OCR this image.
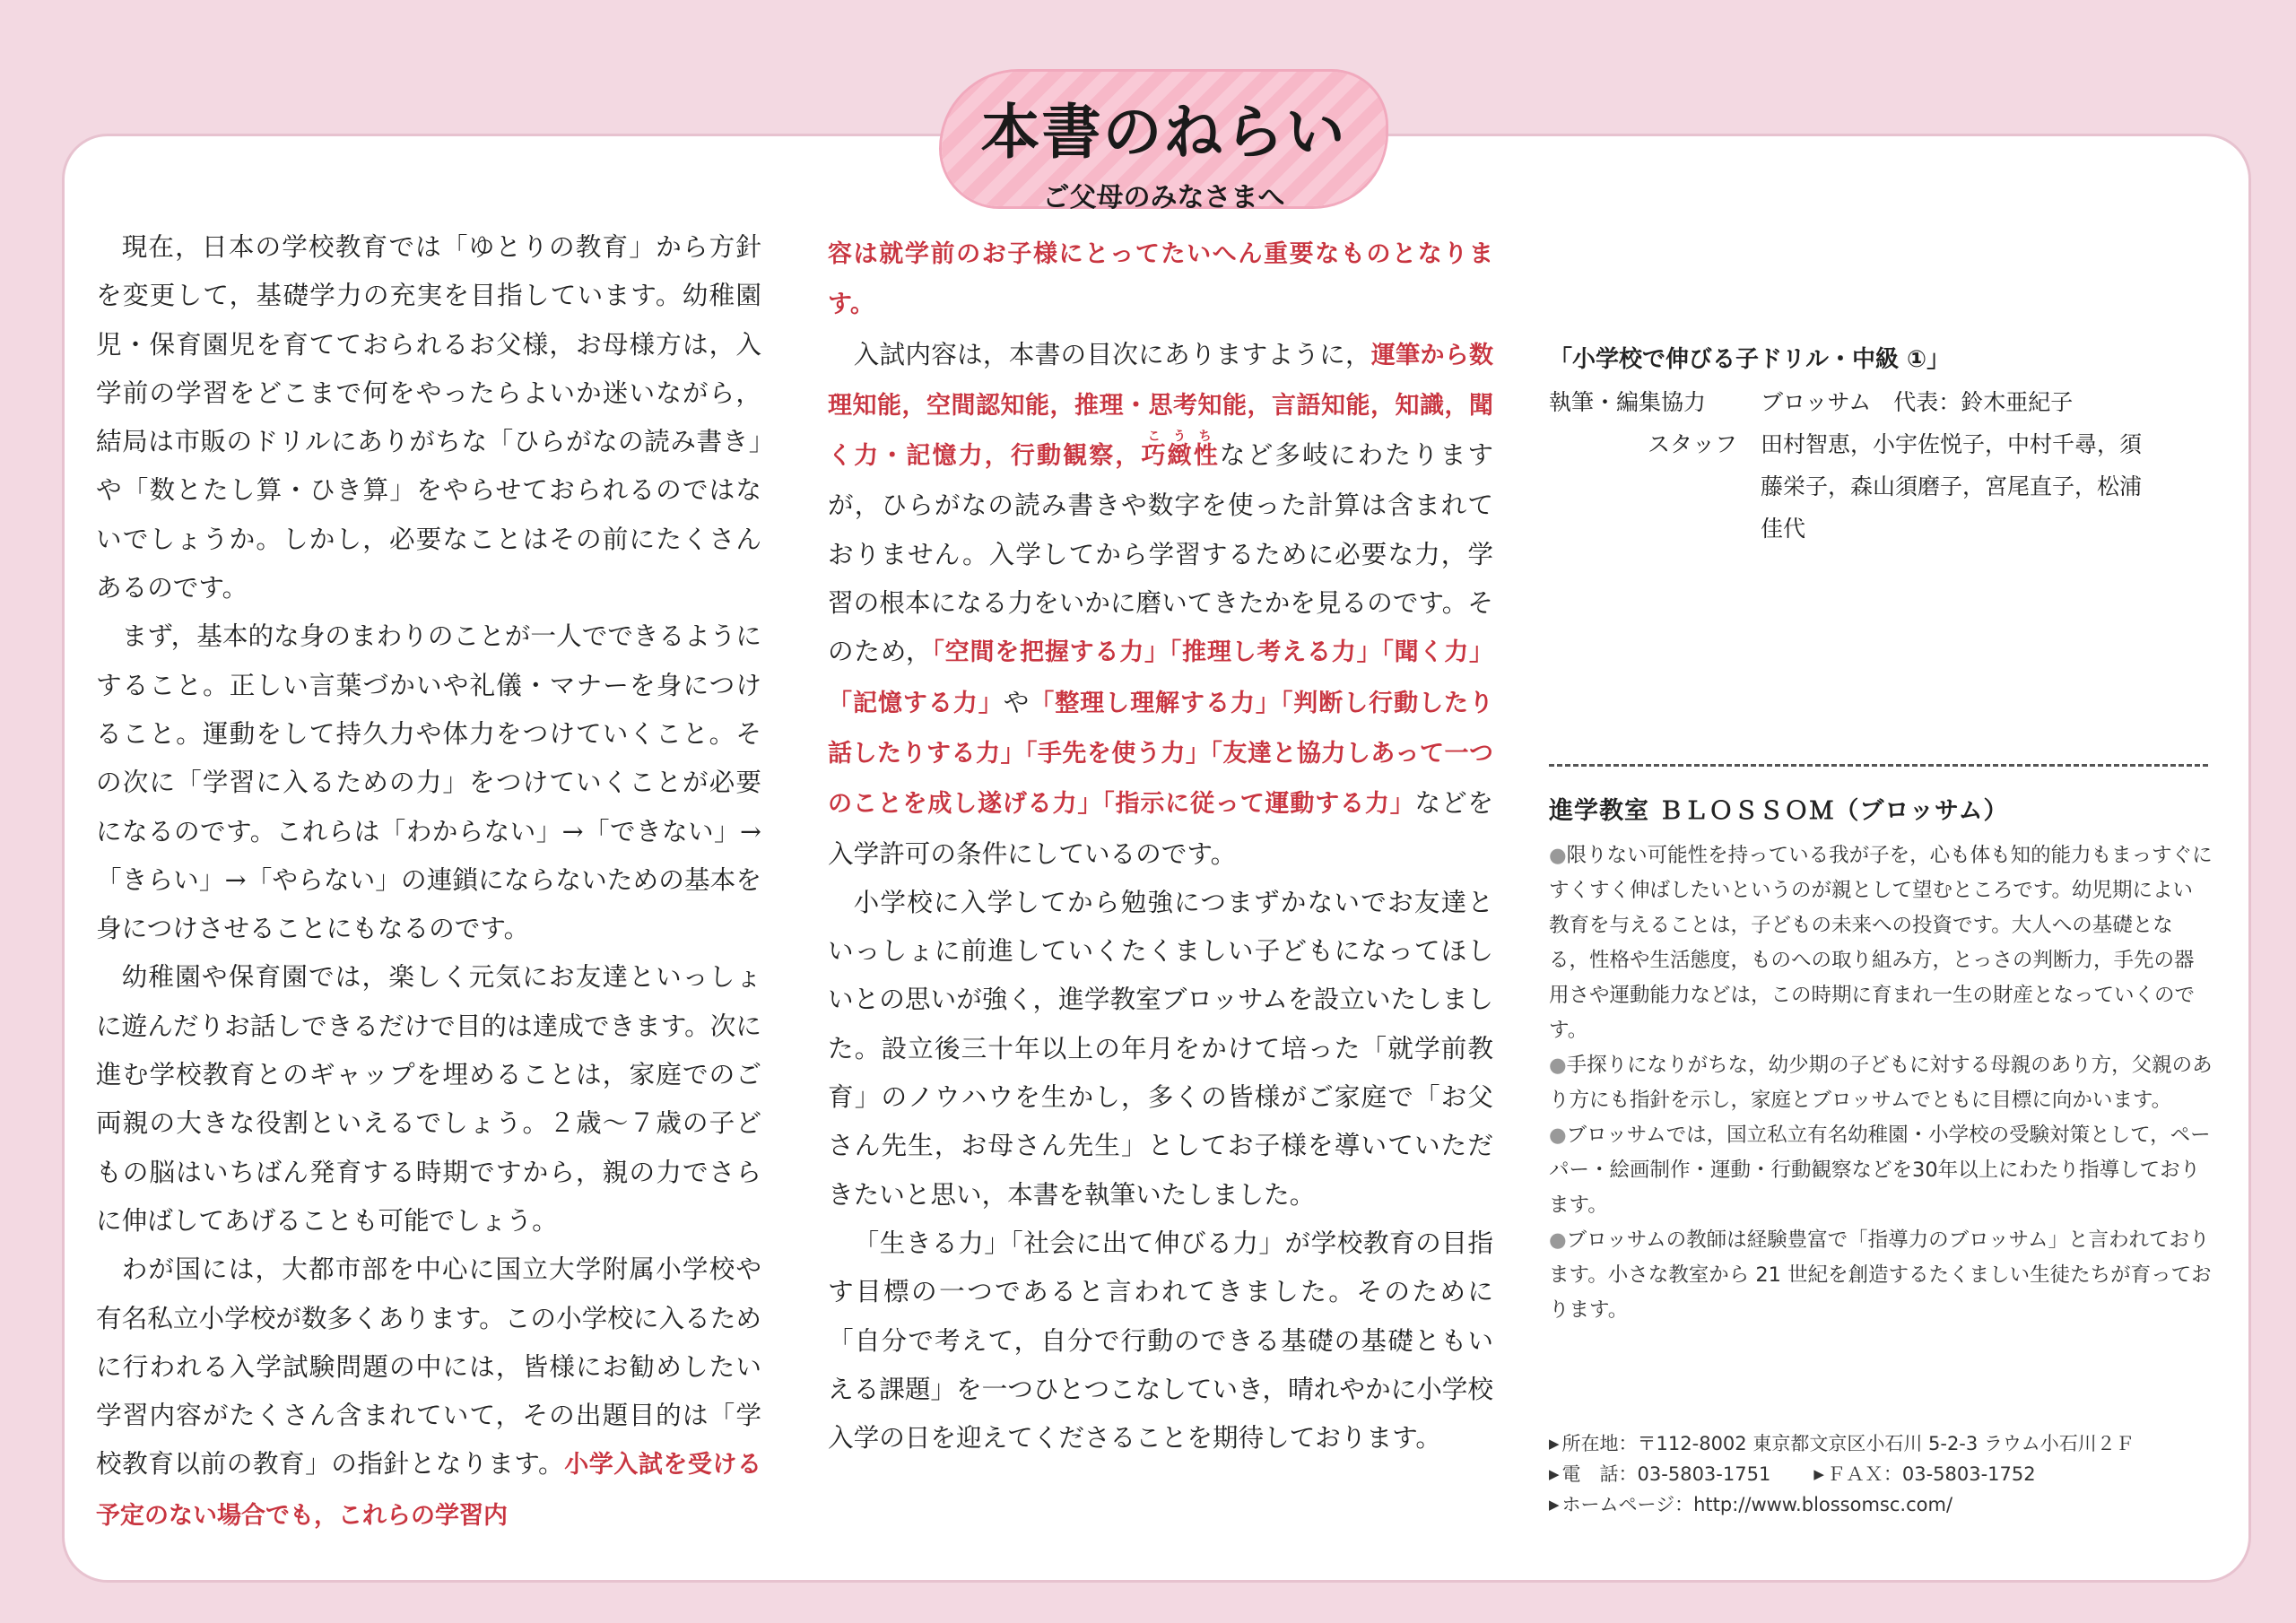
本書のねらい
ご父母のみなさまへ

現在，日本の学校教育では「ゆとりの教育」から方針を変更して，基礎学力の充実を目指しています。幼稚園児・保育園児を育てておられるお父様，お母様方は，入学前の学習をどこまで何をやったらよいか迷いながら，結局は市販のドリルにありがちな「ひらがなの読み書き」や「数とたし算・ひき算」をやらせておられるのではないでしょうか。しかし，必要なことはその前にたくさんあるのです。

まず，基本的な身のまわりのことが一人でできるようにすること。正しい言葉づかいや礼儀・マナーを身につけること。運動をして持久力や体力をつけていくこと。その次に「学習に入るための力」をつけていくことが必要になるのです。これらは「わからない」→「できない」→「きらい」→「やらない」の連鎖にならないための基本を身につけさせることにもなるのです。

幼稚園や保育園では，楽しく元気にお友達といっしょに遊んだりお話しできるだけで目的は達成できます。次に進む学校教育とのギャップを埋めることは，家庭でのご両親の大きな役割といえるでしょう。２歳～７歳の子どもの脳はいちばん発育する時期ですから，親の力でさらに伸ばしてあげることも可能でしょう。

わが国には，大都市部を中心に国立大学附属小学校や有名私立小学校が数多くあります。この小学校に入るために行われる入学試験問題の中には，皆様にお勧めしたい学習内容がたくさん含まれていて，その出題目的は「学校教育以前の教育」の指針となります。小学入試を受ける予定のない場合でも，これらの学習内

容は就学前のお子様にとってたいへん重要なものとなります。

入試内容は，本書の目次にありますように，運筆から数理知能，空間認知能，推理・思考知能，言語知能，知識，聞く力・記憶力，行動観察，巧緻性こうちなど多岐にわたりますが，ひらがなの読み書きや数字を使った計算は含まれておりません。入学してから学習するために必要な力，学習の根本になる力をいかに磨いてきたかを見るのです。そのため，「空間を把握する力」「推理し考える力」「聞く力」「記憶する力」や「整理し理解する力」「判断し行動したり話したりする力」「手先を使う力」「友達と協力しあって一つのことを成し遂げる力」「指示に従って運動する力」などを入学許可の条件にしているのです。

小学校に入学してから勉強につまずかないでお友達といっしょに前進していくたくましい子どもになってほしいとの思いが強く，進学教室ブロッサムを設立いたしました。設立後三十年以上の年月をかけて培った「就学前教育」のノウハウを生かし，多くの皆様がご家庭で「お父さん先生，お母さん先生」としてお子様を導いていただきたいと思い，本書を執筆いたしました。

「生きる力」「社会に出て伸びる力」が学校教育の目指す目標の一つであると言われてきました。そのために「自分で考えて，自分で行動のできる基礎の基礎ともいえる課題」を一つひとつこなしていき，晴れやかに小学校入学の日を迎えてくださることを期待しております。

「小学校で伸びる子ドリル・中級 ①」
執筆・編集協力	ブロッサム　代表：鈴木亜紀子
スタッフ	田村智恵，小宇佐悦子，中村千尋，須藤栄子，森山須磨子，宮尾直子，松浦佳代
進学教室 ＢＬＯＳＳＯＭ（ブロッサム）
●限りない可能性を持っている我が子を，心も体も知的能力もまっすぐにすくすく伸ばしたいというのが親として望むところです。幼児期によい教育を与えることは，子どもの未来への投資です。大人への基礎となる，性格や生活態度，ものへの取り組み方，とっさの判断力，手先の器用さや運動能力などは，この時期に育まれ一生の財産となっていくのです。
●手探りになりがちな，幼少期の子どもに対する母親のあり方，父親のあり方にも指針を示し，家庭とブロッサムでともに目標に向かいます。
●ブロッサムでは，国立私立有名幼稚園・小学校の受験対策として，ペーパー・絵画制作・運動・行動観察などを30年以上にわたり指導しております。
●ブロッサムの教師は経験豊富で「指導力のブロッサム」と言われております。小さな教室から 21 世紀を創造するたくましい生徒たちが育っております。
▶ 所在地：〒112-8002 東京都文京区小石川 5-2-3 ラウム小石川２Ｆ
▶ 電　話：03-5803-1751	▶ ＦＡＸ：03-5803-1752
▶ ホームページ：http://www.blossomsc.com/
